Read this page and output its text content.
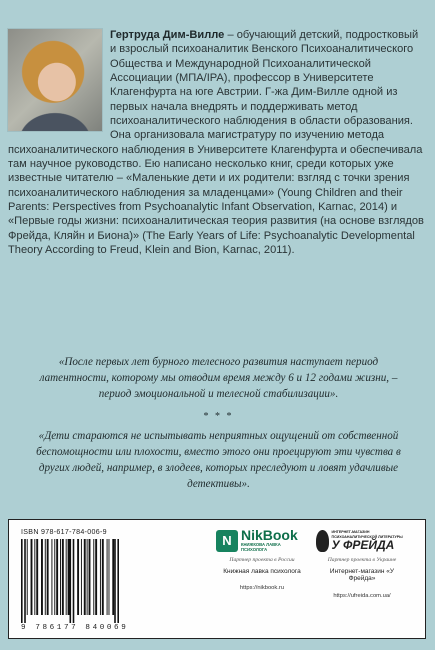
Гертруда Дим-Вилле – обучающий детский, подростковый и взрослый психоаналитик Венского Психоаналитического Общества и Международной Психоаналитической Ассоциации (МПА/IPA), профессор в Университете Клагенфурта на юге Австрии. Г-жа Дим-Вилле одной из первых начала внедрять и поддерживать метод психоаналитического наблюдения в области образования. Она организовала магистратуру по изучению метода психоаналитического наблюдения в Университете Клагенфурта и обеспечивала там научное руководство. Ею написано несколько книг, среди которых уже известные читателю – «Маленькие дети и их родители: взгляд с точки зрения психоаналитического наблюдения за младенцами» (Young Children and their Parents: Perspectives from Psychoanalytic Infant Observation, Karnac, 2014) и «Первые годы жизни: психоаналитическая теория развития (на основе взглядов Фрейда, Кляйн и Биона)» (The Early Years of Life: Psychoanalytic Developmental Theory According to Freud, Klein and Bion, Karnac, 2011).
«После первых лет бурного телесного развития наступает период латентности, которому мы отводим время между 6 и 12 годами жизни, – период эмоциональной и телесной стабилизации».
* * *
«Дети стараются не испытывать неприятных ощущений от собственной беспомощности или плохости, вместо этого они проецируют эти чувства в других людей, например, в злодеев, которых преследуют и ловят удачливые детективы».
ISBN 978-617-784-006-9
9 786177 840069
N NikBook
КНИЖКОВА ЛАВКА ПСИХОЛОГА
Партнер проекта в России
Книжная лавка психолога
https://nikbook.ru
ИНТЕРНЕТ-МАГАЗИН ПСИХОАНАЛИТИЧЕСКОЙ ЛИТЕРАТУРЫ
У ФРЕЙДА
Партнер проекта в Украине
Интернет-магазин «У Фрейда»
https://ufreida.com.ua/
